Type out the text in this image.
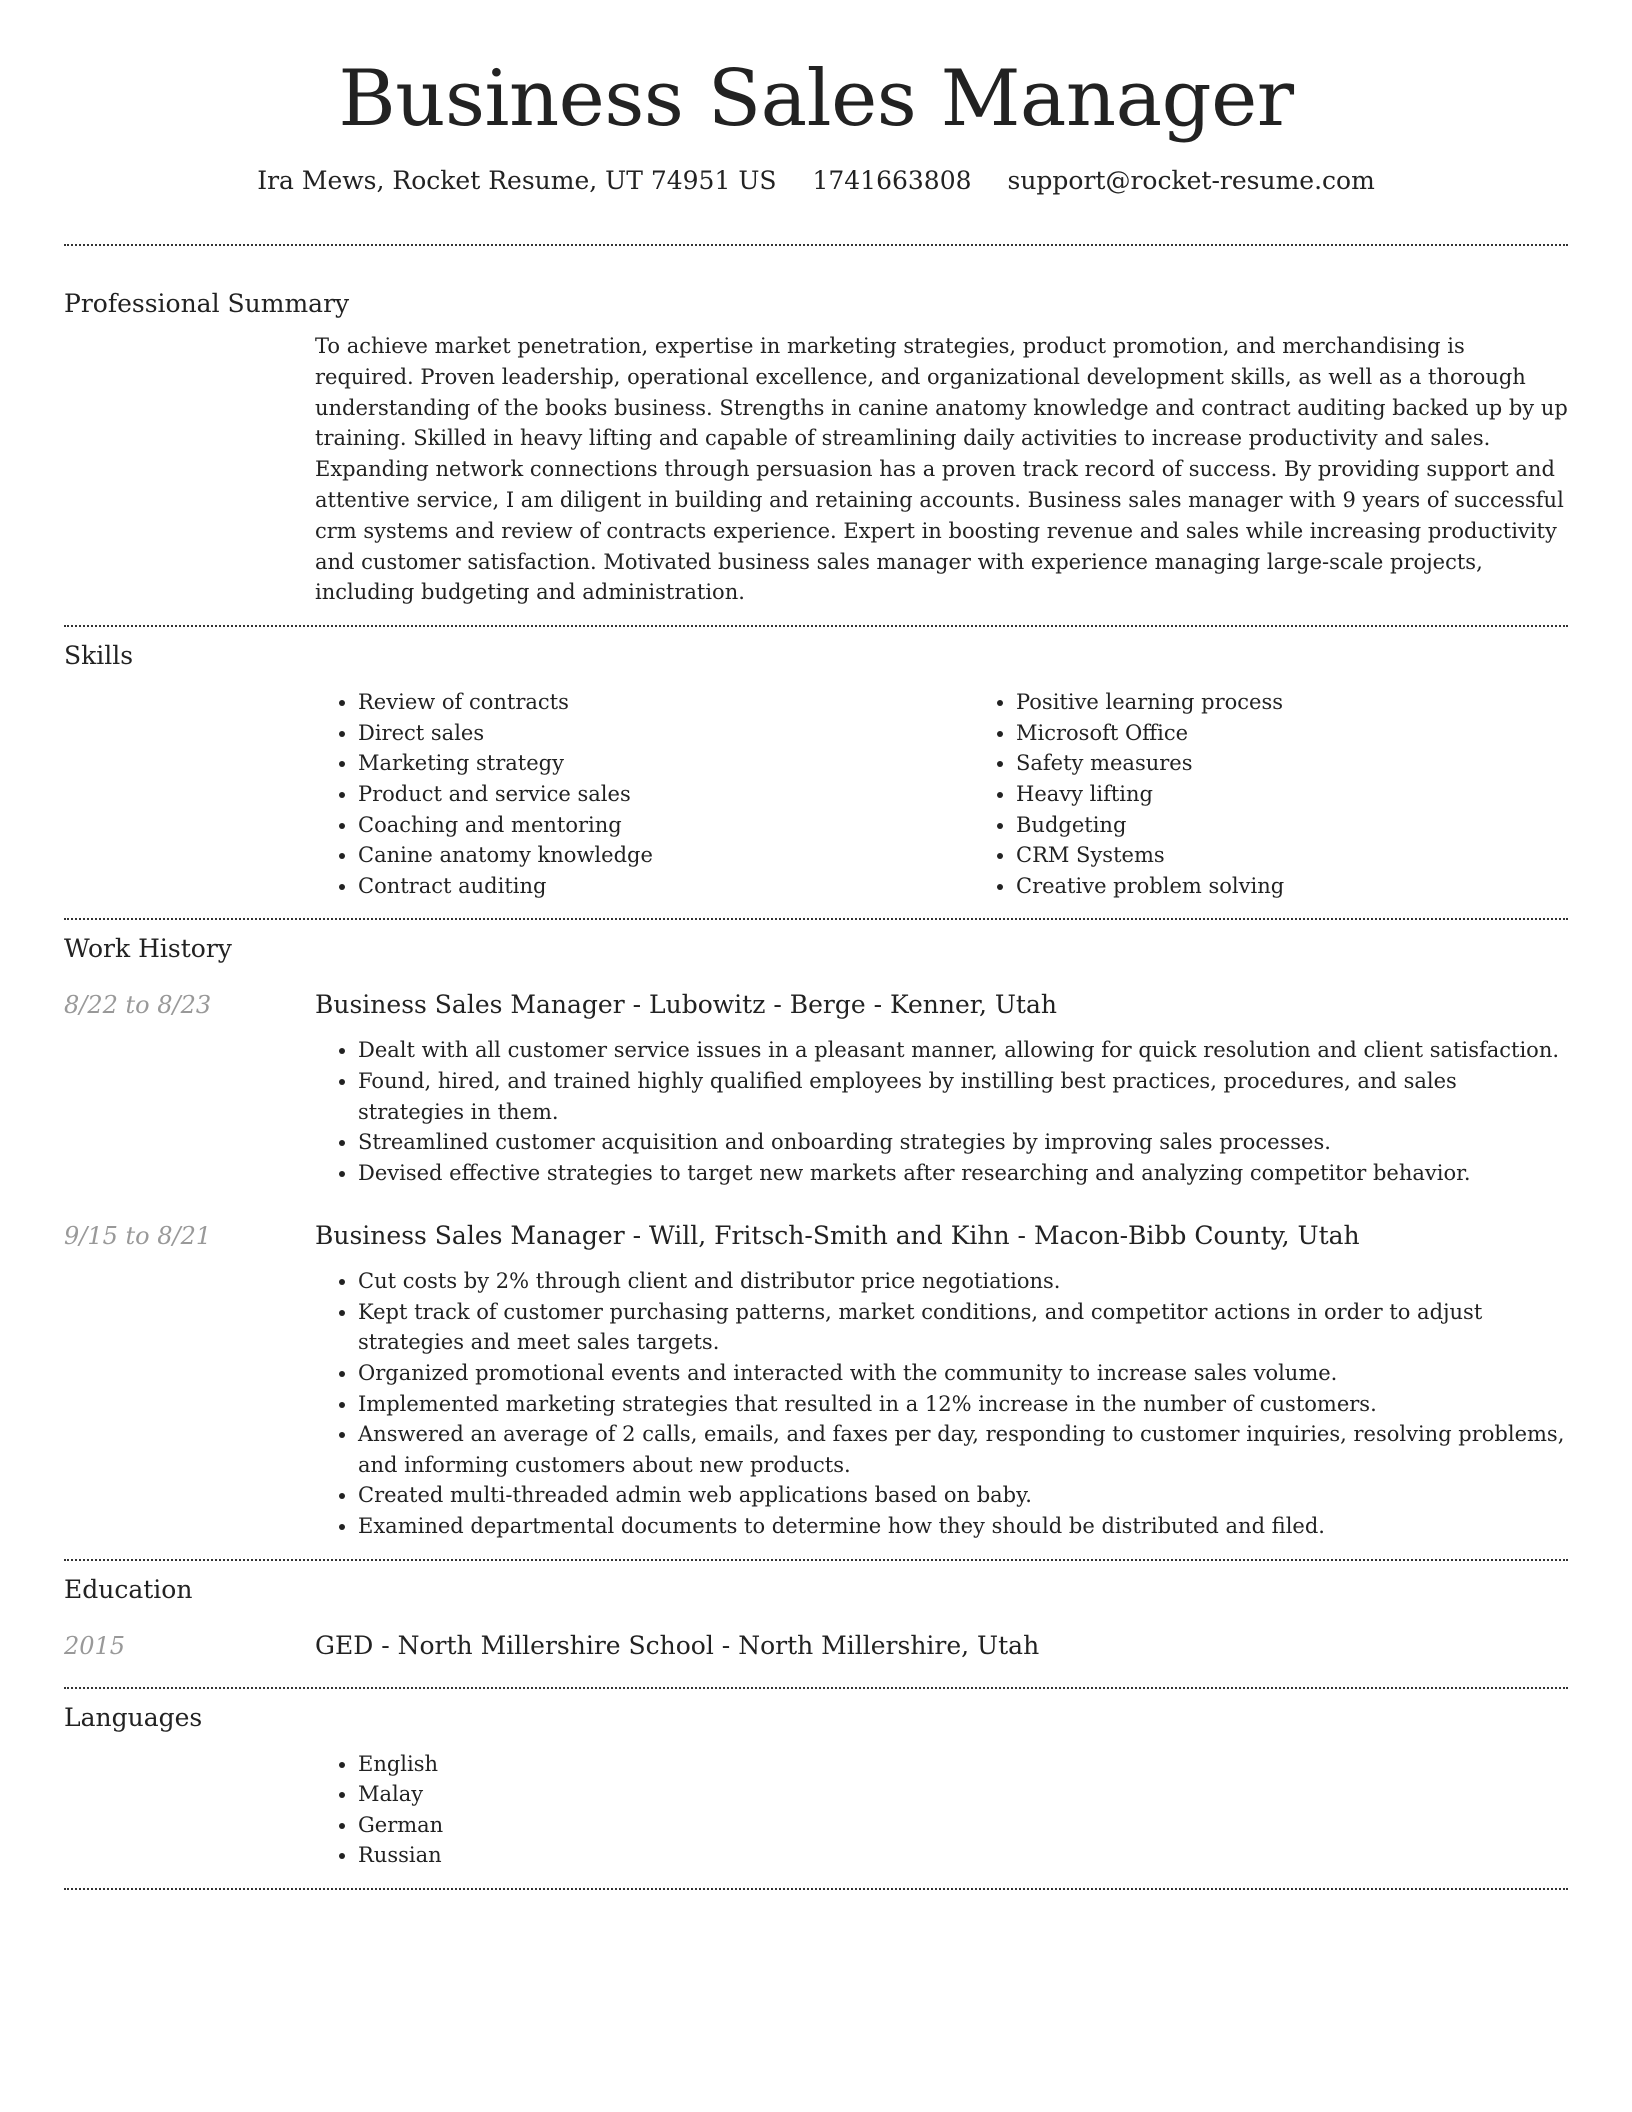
Business Sales Manager
Ira Mews, Rocket Resume, UT 74951 US 1741663808 support@rocket-resume.com
Professional Summary

To achieve market penetration, expertise in marketing strategies, product promotion, and merchandising is required. Proven leadership, operational excellence, and organizational development skills, as well as a thorough understanding of the books business. Strengths in canine anatomy knowledge and contract auditing backed up by up training. Skilled in heavy lifting and capable of streamlining daily activities to increase productivity and sales. Expanding network connections through persuasion has a proven track record of success. By providing support and attentive service, I am diligent in building and retaining accounts. Business sales manager with 9 years of successful crm systems and review of contracts experience. Expert in boosting revenue and sales while increasing productivity and customer satisfaction. Motivated business sales manager with experience managing large-scale projects, including budgeting and administration.

Skills
• Review of contracts
• Direct sales
• Marketing strategy
• Product and service sales
• Coaching and mentoring
• Canine anatomy knowledge
• Contract auditing
• Positive learning process
• Microsoft Office
• Safety measures
• Heavy lifting
• Budgeting
• CRM Systems
• Creative problem solving
Work History
8/22 to 8/23	Business Sales Manager - Lubowitz - Berge - Kenner, Utah
• Dealt with all customer service issues in a pleasant manner, allowing for quick resolution and client satisfaction.
• Found, hired, and trained highly qualified employees by instilling best practices, procedures, and sales strategies in them.
• Streamlined customer acquisition and onboarding strategies by improving sales processes.
• Devised effective strategies to target new markets after researching and analyzing competitor behavior.
9/15 to 8/21	Business Sales Manager - Will, Fritsch-Smith and Kihn - Macon-Bibb County, Utah
• Cut costs by 2% through client and distributor price negotiations.
• Kept track of customer purchasing patterns, market conditions, and competitor actions in order to adjust strategies and meet sales targets.
• Organized promotional events and interacted with the community to increase sales volume.
• Implemented marketing strategies that resulted in a 12% increase in the number of customers.
• Answered an average of 2 calls, emails, and faxes per day, responding to customer inquiries, resolving problems, and informing customers about new products.
• Created multi-threaded admin web applications based on baby.
• Examined departmental documents to determine how they should be distributed and filed.
Education
2015	GED - North Millershire School - North Millershire, Utah
Languages
• English
• Malay
• German
• Russian
